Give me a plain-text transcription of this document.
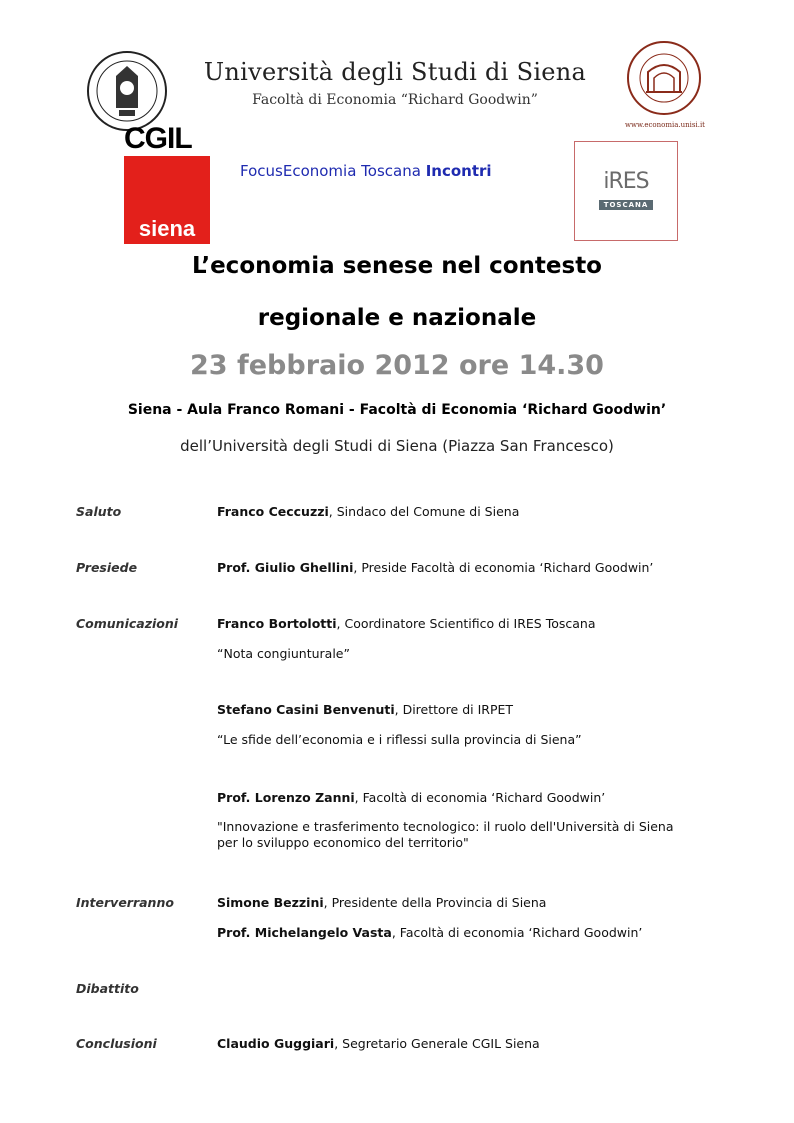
Università degli Studi di Siena
Facoltà di Economia “Richard Goodwin”
www.economia.unisi.it
CGIL
siena
FocusEconomia Toscana Incontri	iRES
TOSCANA
L’economia senese nel contesto
regionale e nazionale
23 febbraio 2012 ore 14.30
Siena - Aula Franco Romani - Facoltà di Economia ‘Richard Goodwin’
dell’Università degli Studi di Siena (Piazza San Francesco)
Saluto	Franco Ceccuzzi, Sindaco del Comune di Siena
Presiede	Prof. Giulio Ghellini, Preside Facoltà di economia ‘Richard Goodwin’
Comunicazioni	Franco Bortolotti, Coordinatore Scientifico di IRES Toscana
“Nota congiunturale”
Stefano Casini Benvenuti, Direttore di IRPET
“Le sfide dell’economia e i riflessi sulla provincia di Siena”
Prof. Lorenzo Zanni, Facoltà di economia ‘Richard Goodwin’
"Innovazione e trasferimento tecnologico: il ruolo dell'Università di Siena
per lo sviluppo economico del territorio"
Interverranno	Simone Bezzini, Presidente della Provincia di Siena
Prof. Michelangelo Vasta, Facoltà di economia ‘Richard Goodwin’
Dibattito
Conclusioni	Claudio Guggiari, Segretario Generale CGIL Siena
